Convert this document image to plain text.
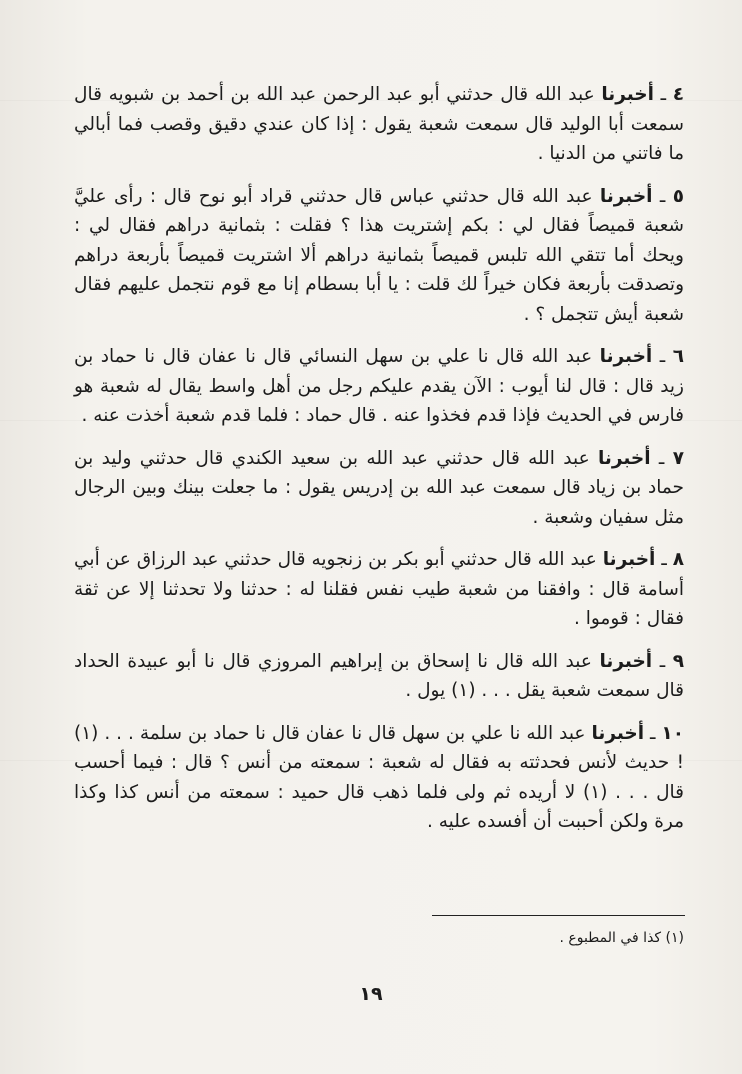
٤ ـ أخبرنا عبد الله قال حدثني أبو عبد الرحمن عبد الله بن أحمد بن شبويه قال سمعت أبا الوليد قال سمعت شعبة يقول : إذا كان عندي دقيق وقصب فما أبالي ما فاتني من الدنيا .

٥ ـ أخبرنا عبد الله قال حدثني عباس قال حدثني قراد أبو نوح قال : رأى عليَّ شعبة قميصاً فقال لي : بكم إشتريت هذا ؟ فقلت : بثمانية دراهم فقال لي : ويحك أما تتقي الله تلبس قميصاً بثمانية دراهم ألا اشتريت قميصاً بأربعة دراهم وتصدقت بأربعة فكان خيراً لك قلت : يا أبا بسطام إنا مع قوم نتجمل عليهم فقال شعبة أيش تتجمل ؟ .

٦ ـ أخبرنا عبد الله قال نا علي بن سهل النسائي قال نا عفان قال نا حماد بن زيد قال : قال لنا أيوب : الآن يقدم عليكم رجل من أهل واسط يقال له شعبة هو فارس في الحديث فإذا قدم فخذوا عنه . قال حماد : فلما قدم شعبة أخذت عنه .

٧ ـ أخبرنا عبد الله قال حدثني عبد الله بن سعيد الكندي قال حدثني وليد بن حماد بن زياد قال سمعت عبد الله بن إدريس يقول : ما جعلت بينك وبين الرجال مثل سفيان وشعبة .

٨ ـ أخبرنا عبد الله قال حدثني أبو بكر بن زنجويه قال حدثني عبد الرزاق عن أبي أسامة قال : وافقنا من شعبة طيب نفس فقلنا له : حدثنا ولا تحدثنا إلا عن ثقة فقال : قوموا .

٩ ـ أخبرنا عبد الله قال نا إسحاق بن إبراهيم المروزي قال نا أبو عبيدة الحداد قال سمعت شعبة يقل . . . (١) يول .

١٠ ـ أخبرنا عبد الله نا علي بن سهل قال نا عفان قال نا حماد بن سلمة . . . (١) ! حديث لأنس فحدثته به فقال له شعبة : سمعته من أنس ؟ قال : فيما أحسب قال . . . (١) لا أريده ثم ولى فلما ذهب قال حميد : سمعته من أنس كذا وكذا مرة ولكن أحببت أن أفسده عليه .

(١) كذا في المطبوع .
١٩
